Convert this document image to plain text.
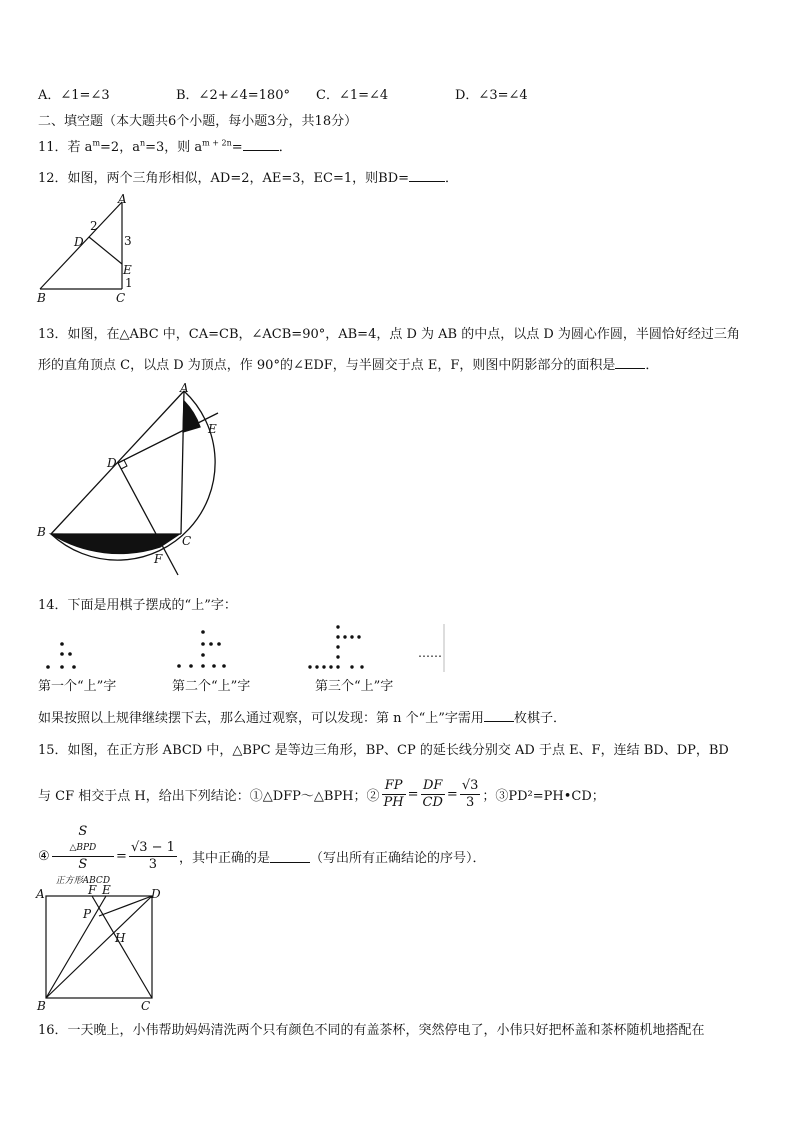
A．∠1=∠3	B．∠2+∠4=180° C．∠1=∠4	D．∠3=∠4
二、填空题（本大题共6个小题，每小题3分，共18分）
11．若 $a^m=2$，$a^n=3$，则 $a^{m + 2n}=$	．
12．如图，两个三角形相似，AD=2，AE=3，EC=1，则BD=	．
A
B	C
D
E
2
3
1
13．如图，在△ABC 中，CA=CB，∠ACB=90°，AB=4，点 D 为 AB 的中点，以点 D 为圆心作圆，半圆恰好经过三角
形的直角顶点 C，以点 D 为顶点，作 90°的∠EDF，与半圆交于点 E，F，则图中阴影部分的面积是 ．
A
B
C
D
E
F
14．下面是用棋子摆成的“上”字：
……
第一个“上”字	第二个“上”字	第三个“上”字
如果按照以上规律继续摆下去，那么通过观察，可以发现：第 n 个“上”字需用 枚棋子．
15．如图，在正方形 ABCD 中，△BPC 是等边三角形，BP、CP 的延长线分别交 AD 于点 E、F，连结 BD、DP，BD
与 CF 相交于点 H，给出下列结论：①△DFP～△BPH；② $\frac{FP}{PH} = \frac{DF}{CD} = \frac{√3}{3}$ ；③PD²=PH•CD；
④ S
△BPD
S
正方形ABCD = $\frac{√3 - 1}{3}$ ，其中正确的是	（写出所有正确结论的序号）．
A
B	C
D
E
F
P
H
16．一天晚上，小伟帮助妈妈清洗两个只有颜色不同的有盖茶杯，突然停电了，小伟只好把杯盖和茶杯随机地搭配在
